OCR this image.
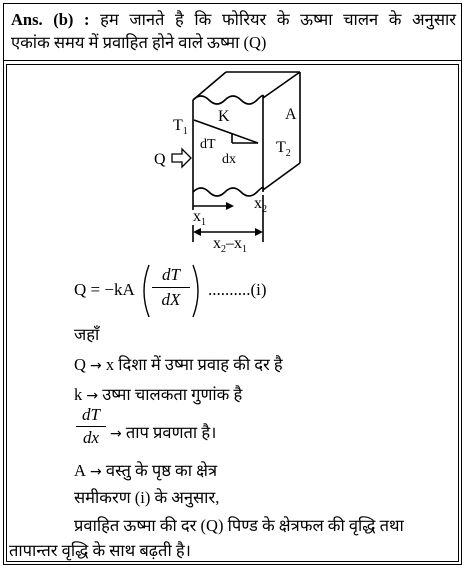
Ans. (b) : हम जानते है कि फोरियर के ऊष्मा चालन के अनुसार
एकांक समय में प्रवाहित होने वाले ऊष्मा (Q)
K	A
$T_1$
$T_2$
dT
dx
Q
$x_1$
$x_2$
$x_2-x_1$
Q = −kA
dT
dX
..........(i)
जहाँ
Q → x दिशा में उष्मा प्रवाह की दर है
k → उष्मा चालकता गुणांक है
dT
dx → ताप प्रवणता है।
A → वस्तु के पृष्ठ का क्षेत्र
समीकरण (i) के अनुसार,
प्रवाहित ऊष्मा की दर (Q) पिण्ड के क्षेत्रफल की वृद्धि तथा
तापान्तर वृद्धि के साथ बढ़ती है।
